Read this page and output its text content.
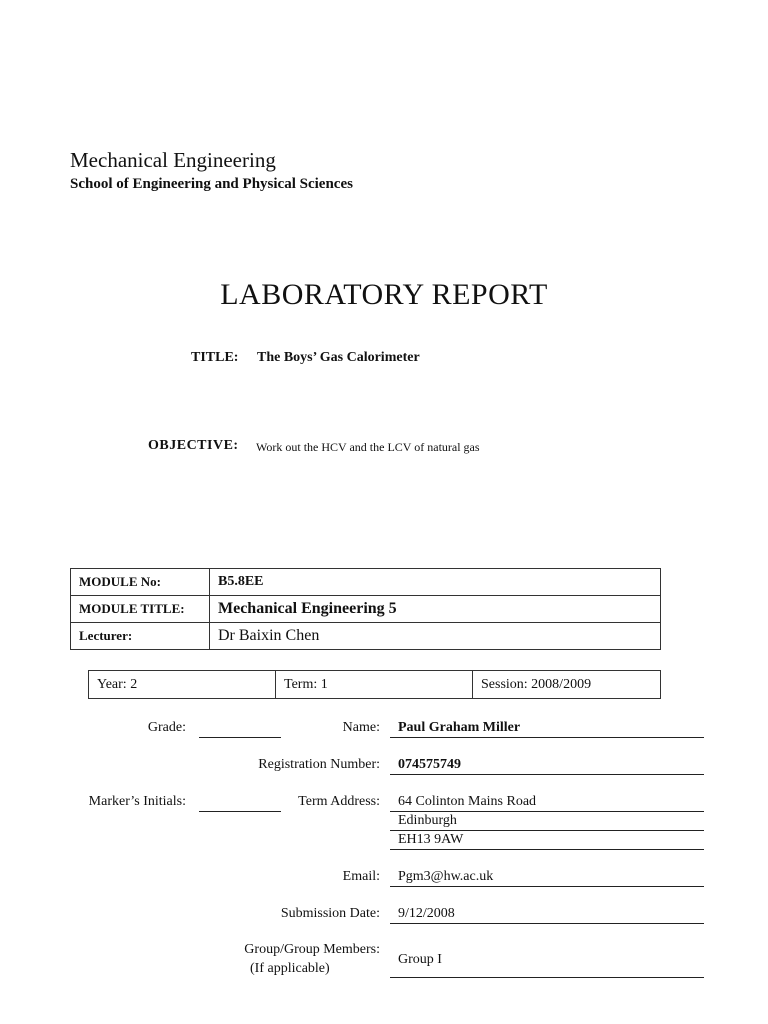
Mechanical Engineering
School of Engineering and Physical Sciences
LABORATORY REPORT
TITLE: The Boys’ Gas Calorimeter
OBJECTIVE: Work out the HCV and the LCV of natural gas
MODULE No:	B5.8EE
MODULE TITLE:	Mechanical Engineering 5
Lecturer:	Dr Baixin Chen
Year: 2	Term: 1	Session: 2008/2009
Grade:
Marker’s Initials:
Name: Paul Graham Miller
Registration Number: 074575749
Term Address: 64 Colinton Mains Road
Edinburgh
EH13 9AW
Email: Pgm3@hw.ac.uk
Submission Date: 9/12/2008
Group/Group Members:
(If applicable)
Group I
